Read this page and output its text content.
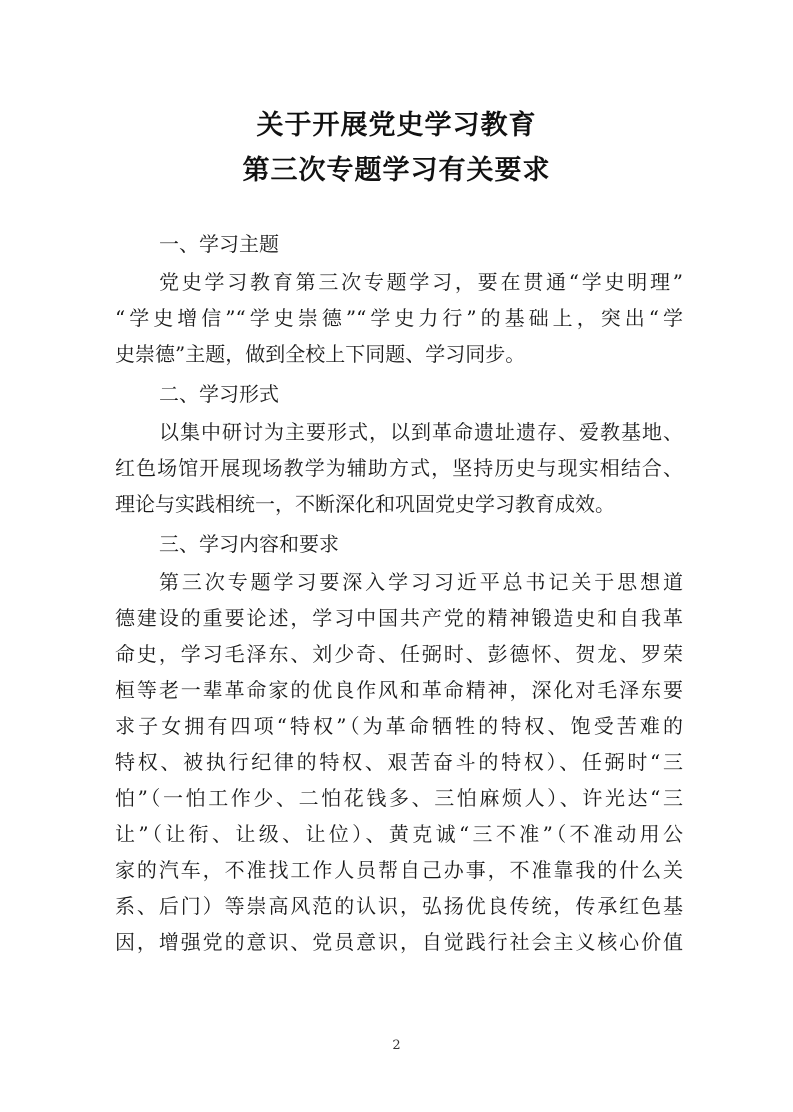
关于开展党史学习教育
第三次专题学习有关要求
一、学习主题
党史学习教育第三次专题学习，要在贯通“学史明理”
“学史增信”“学史崇德”“学史力行”的基础上，突出“学
史崇德”主题，做到全校上下同题、学习同步。
二、学习形式
以集中研讨为主要形式，以到革命遗址遗存、爱教基地、
红色场馆开展现场教学为辅助方式，坚持历史与现实相结合、
理论与实践相统一，不断深化和巩固党史学习教育成效。
三、学习内容和要求
第三次专题学习要深入学习习近平总书记关于思想道
德建设的重要论述，学习中国共产党的精神锻造史和自我革
命史，学习毛泽东、刘少奇、任弼时、彭德怀、贺龙、罗荣
桓等老一辈革命家的优良作风和革命精神，深化对毛泽东要
求子女拥有四项“特权”（为革命牺牲的特权、饱受苦难的
特权、被执行纪律的特权、艰苦奋斗的特权）、任弼时“三
怕”（一怕工作少、二怕花钱多、三怕麻烦人）、许光达“三
让”（让衔、让级、让位）、黄克诚“三不准”（不准动用公
家的汽车，不准找工作人员帮自己办事，不准靠我的什么关
系、后门）等崇高风范的认识，弘扬优良传统，传承红色基
因，增强党的意识、党员意识，自觉践行社会主义核心价值
2
